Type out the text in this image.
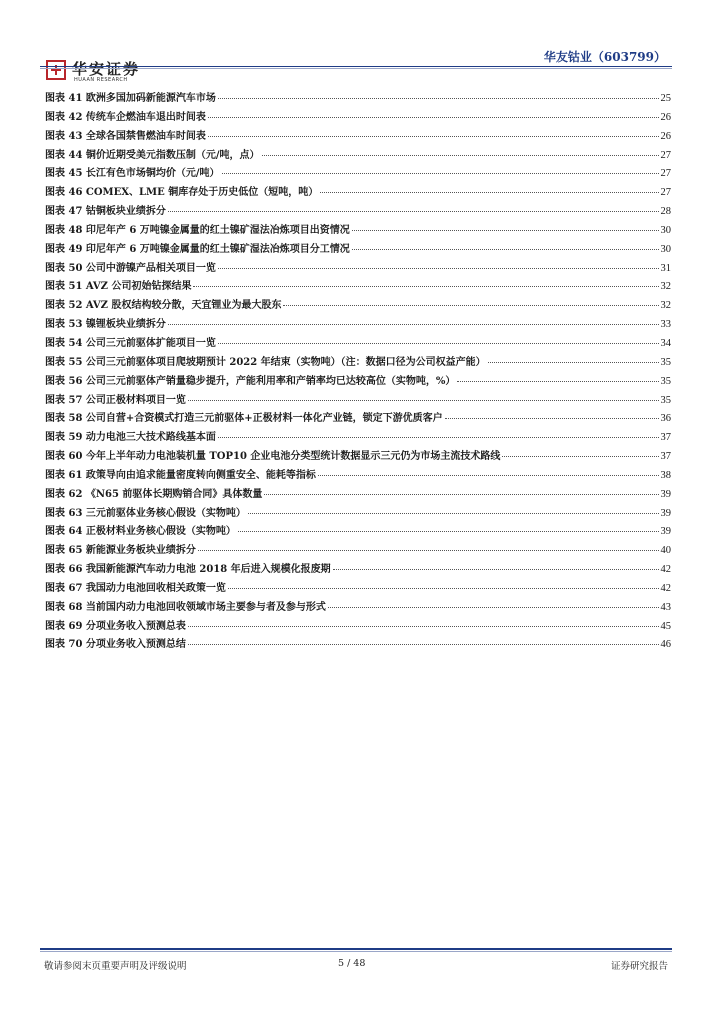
华安证券
HUAAN RESEARCH
华友钴业（603799）
图表 41 欧洲多国加码新能源汽车市场	25
图表 42 传统车企燃油车退出时间表	26
图表 43 全球各国禁售燃油车时间表	26
图表 44 铜价近期受美元指数压制（元/吨，点）	27
图表 45 长江有色市场铜均价（元/吨）	27
图表 46 COMEX、LME 铜库存处于历史低位（短吨，吨）	27
图表 47 钴铜板块业绩拆分	28
图表 48 印尼年产 6 万吨镍金属量的红土镍矿湿法冶炼项目出资情况	30
图表 49 印尼年产 6 万吨镍金属量的红土镍矿湿法冶炼项目分工情况	30
图表 50 公司中游镍产品相关项目一览	31
图表 51 AVZ 公司初始钻探结果	32
图表 52 AVZ 股权结构较分散，天宜锂业为最大股东	32
图表 53 镍锂板块业绩拆分	33
图表 54 公司三元前驱体扩能项目一览	34
图表 55 公司三元前驱体项目爬坡期预计 2022 年结束（实物吨）（注：数据口径为公司权益产能）	35
图表 56 公司三元前驱体产销量稳步提升，产能利用率和产销率均已达较高位（实物吨，%）	35
图表 57 公司正极材料项目一览	35
图表 58 公司自营+合资模式打造三元前驱体+正极材料一体化产业链，锁定下游优质客户	36
图表 59 动力电池三大技术路线基本面	37
图表 60 今年上半年动力电池装机量 TOP10 企业电池分类型统计数据显示三元仍为市场主流技术路线	37
图表 61 政策导向由追求能量密度转向侧重安全、能耗等指标	38
图表 62 《N65 前驱体长期购销合同》具体数量	39
图表 63 三元前驱体业务核心假设（实物吨）	39
图表 64 正极材料业务核心假设（实物吨）	39
图表 65 新能源业务板块业绩拆分	40
图表 66 我国新能源汽车动力电池 2018 年后进入规模化报废期	42
图表 67 我国动力电池回收相关政策一览	42
图表 68 当前国内动力电池回收领域市场主要参与者及参与形式	43
图表 69 分项业务收入预测总表	45
图表 70 分项业务收入预测总结	46
敬请参阅末页重要声明及评级说明	5 / 48	证券研究报告
